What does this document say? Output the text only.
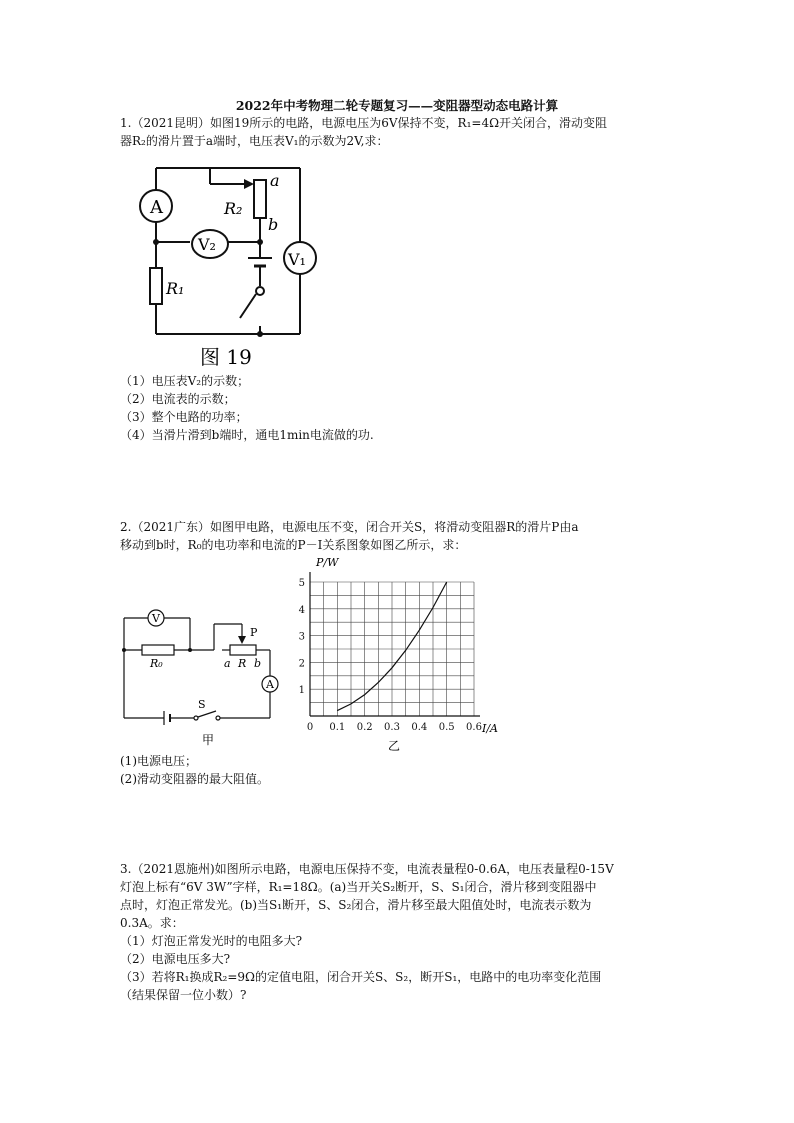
2022年中考物理二轮专题复习——变阻器型动态电路计算
1.（2021昆明）如图19所示的电路，电源电压为6V保持不变，R₁=4Ω开关闭合，滑动变阻
器R₂的滑片置于a端时，电压表V₁的示数为2V,求：
A
V₂
V₁
R₁
R₂
a
b
图 19
（1）电压表V₂的示数；
（2）电流表的示数；
（3）整个电路的功率；
（4）当滑片滑到b端时，通电1min电流做的功.
2.（2021广东）如图甲电路，电源电压不变，闭合开关S，将滑动变阻器R的滑片P由a
移动到b时，R₀的电功率和电流的P－I关系图象如图乙所示，求：
V
A
R₀
P
a R b
S
甲
0 0.1 0.2 0.3 0.4 0.5 0.6
1
2
3
4
5
P/W
I/A
乙
(1)电源电压；
(2)滑动变阻器的最大阻值。
3.（2021恩施州)如图所示电路，电源电压保持不变，电流表量程0-0.6A，电压表量程0-15V
灯泡上标有“6V 3W”字样，R₁=18Ω。(a)当开关S₂断开，S、S₁闭合，滑片移到变阻器中
点时，灯泡正常发光。(b)当S₁断开，S、S₂闭合，滑片移至最大阻值处时，电流表示数为
0.3A。求：
（1）灯泡正常发光时的电阻多大?
（2）电源电压多大?
（3）若将R₁换成R₂=9Ω的定值电阻，闭合开关S、S₂，断开S₁，电路中的电功率变化范围
（结果保留一位小数）?
